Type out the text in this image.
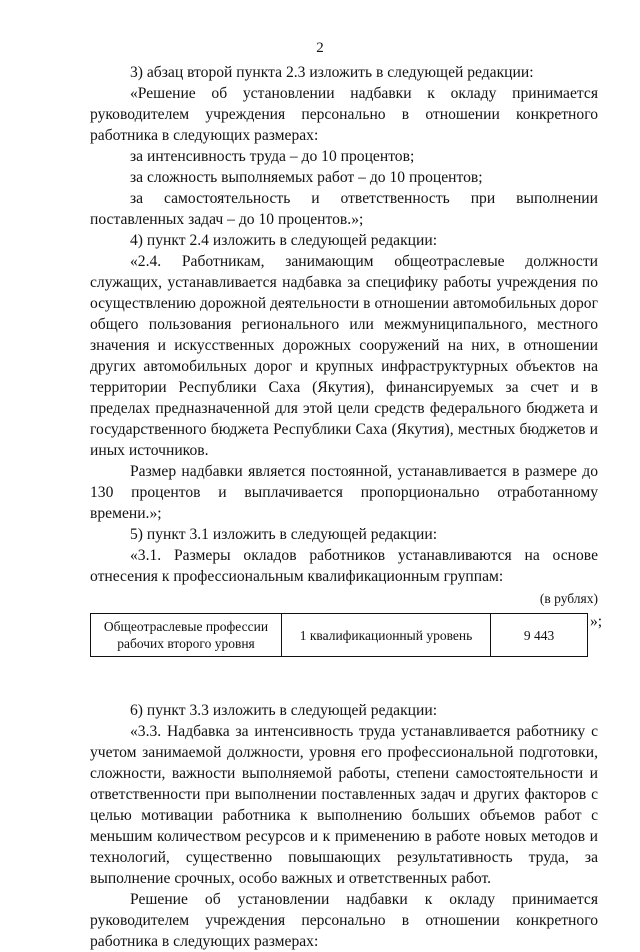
2

3) абзац второй пункта 2.3 изложить в следующей редакции:

«Решение об установлении надбавки к окладу принимается руководителем учреждения персонально в отношении конкретного работника в следующих размерах:

за интенсивность труда – до 10 процентов;

за сложность выполняемых работ – до 10 процентов;

за самостоятельность и ответственность при выполнении поставленных задач – до 10 процентов.»;

4) пункт 2.4 изложить в следующей редакции:

«2.4. Работникам, занимающим общеотраслевые должности служащих, устанавливается надбавка за специфику работы учреждения по осуществлению дорожной деятельности в отношении автомобильных дорог общего пользования регионального или межмуниципального, местного значения и искусственных дорожных сооружений на них, в отношении других автомобильных дорог и крупных инфраструктурных объектов на территории Республики Саха (Якутия), финансируемых за счет и в пределах предназначенной для этой цели средств федерального бюджета и государственного бюджета Республики Саха (Якутия), местных бюджетов и иных источников.

Размер надбавки является постоянной, устанавливается в размере до 130 процентов и выплачивается пропорционально отработанному времени.»;

5) пункт 3.1 изложить в следующей редакции:

«3.1. Размеры окладов работников устанавливаются на основе отнесения к профессиональным квалификационным группам:

(в рублях)
Общеотраслевые профессии рабочих второго уровня	1 квалификационный уровень	9 443
»;

6) пункт 3.3 изложить в следующей редакции:

«3.3. Надбавка за интенсивность труда устанавливается работнику с учетом занимаемой должности, уровня его профессиональной подготовки, сложности, важности выполняемой работы, степени самостоятельности и ответственности при выполнении поставленных задач и других факторов с целью мотивации работника к выполнению больших объемов работ с меньшим количеством ресурсов и к применению в работе новых методов и технологий, существенно повышающих результативность труда, за выполнение срочных, особо важных и ответственных работ.

Решение об установлении надбавки к окладу принимается руководителем учреждения персонально в отношении конкретного работника в следующих размерах:
